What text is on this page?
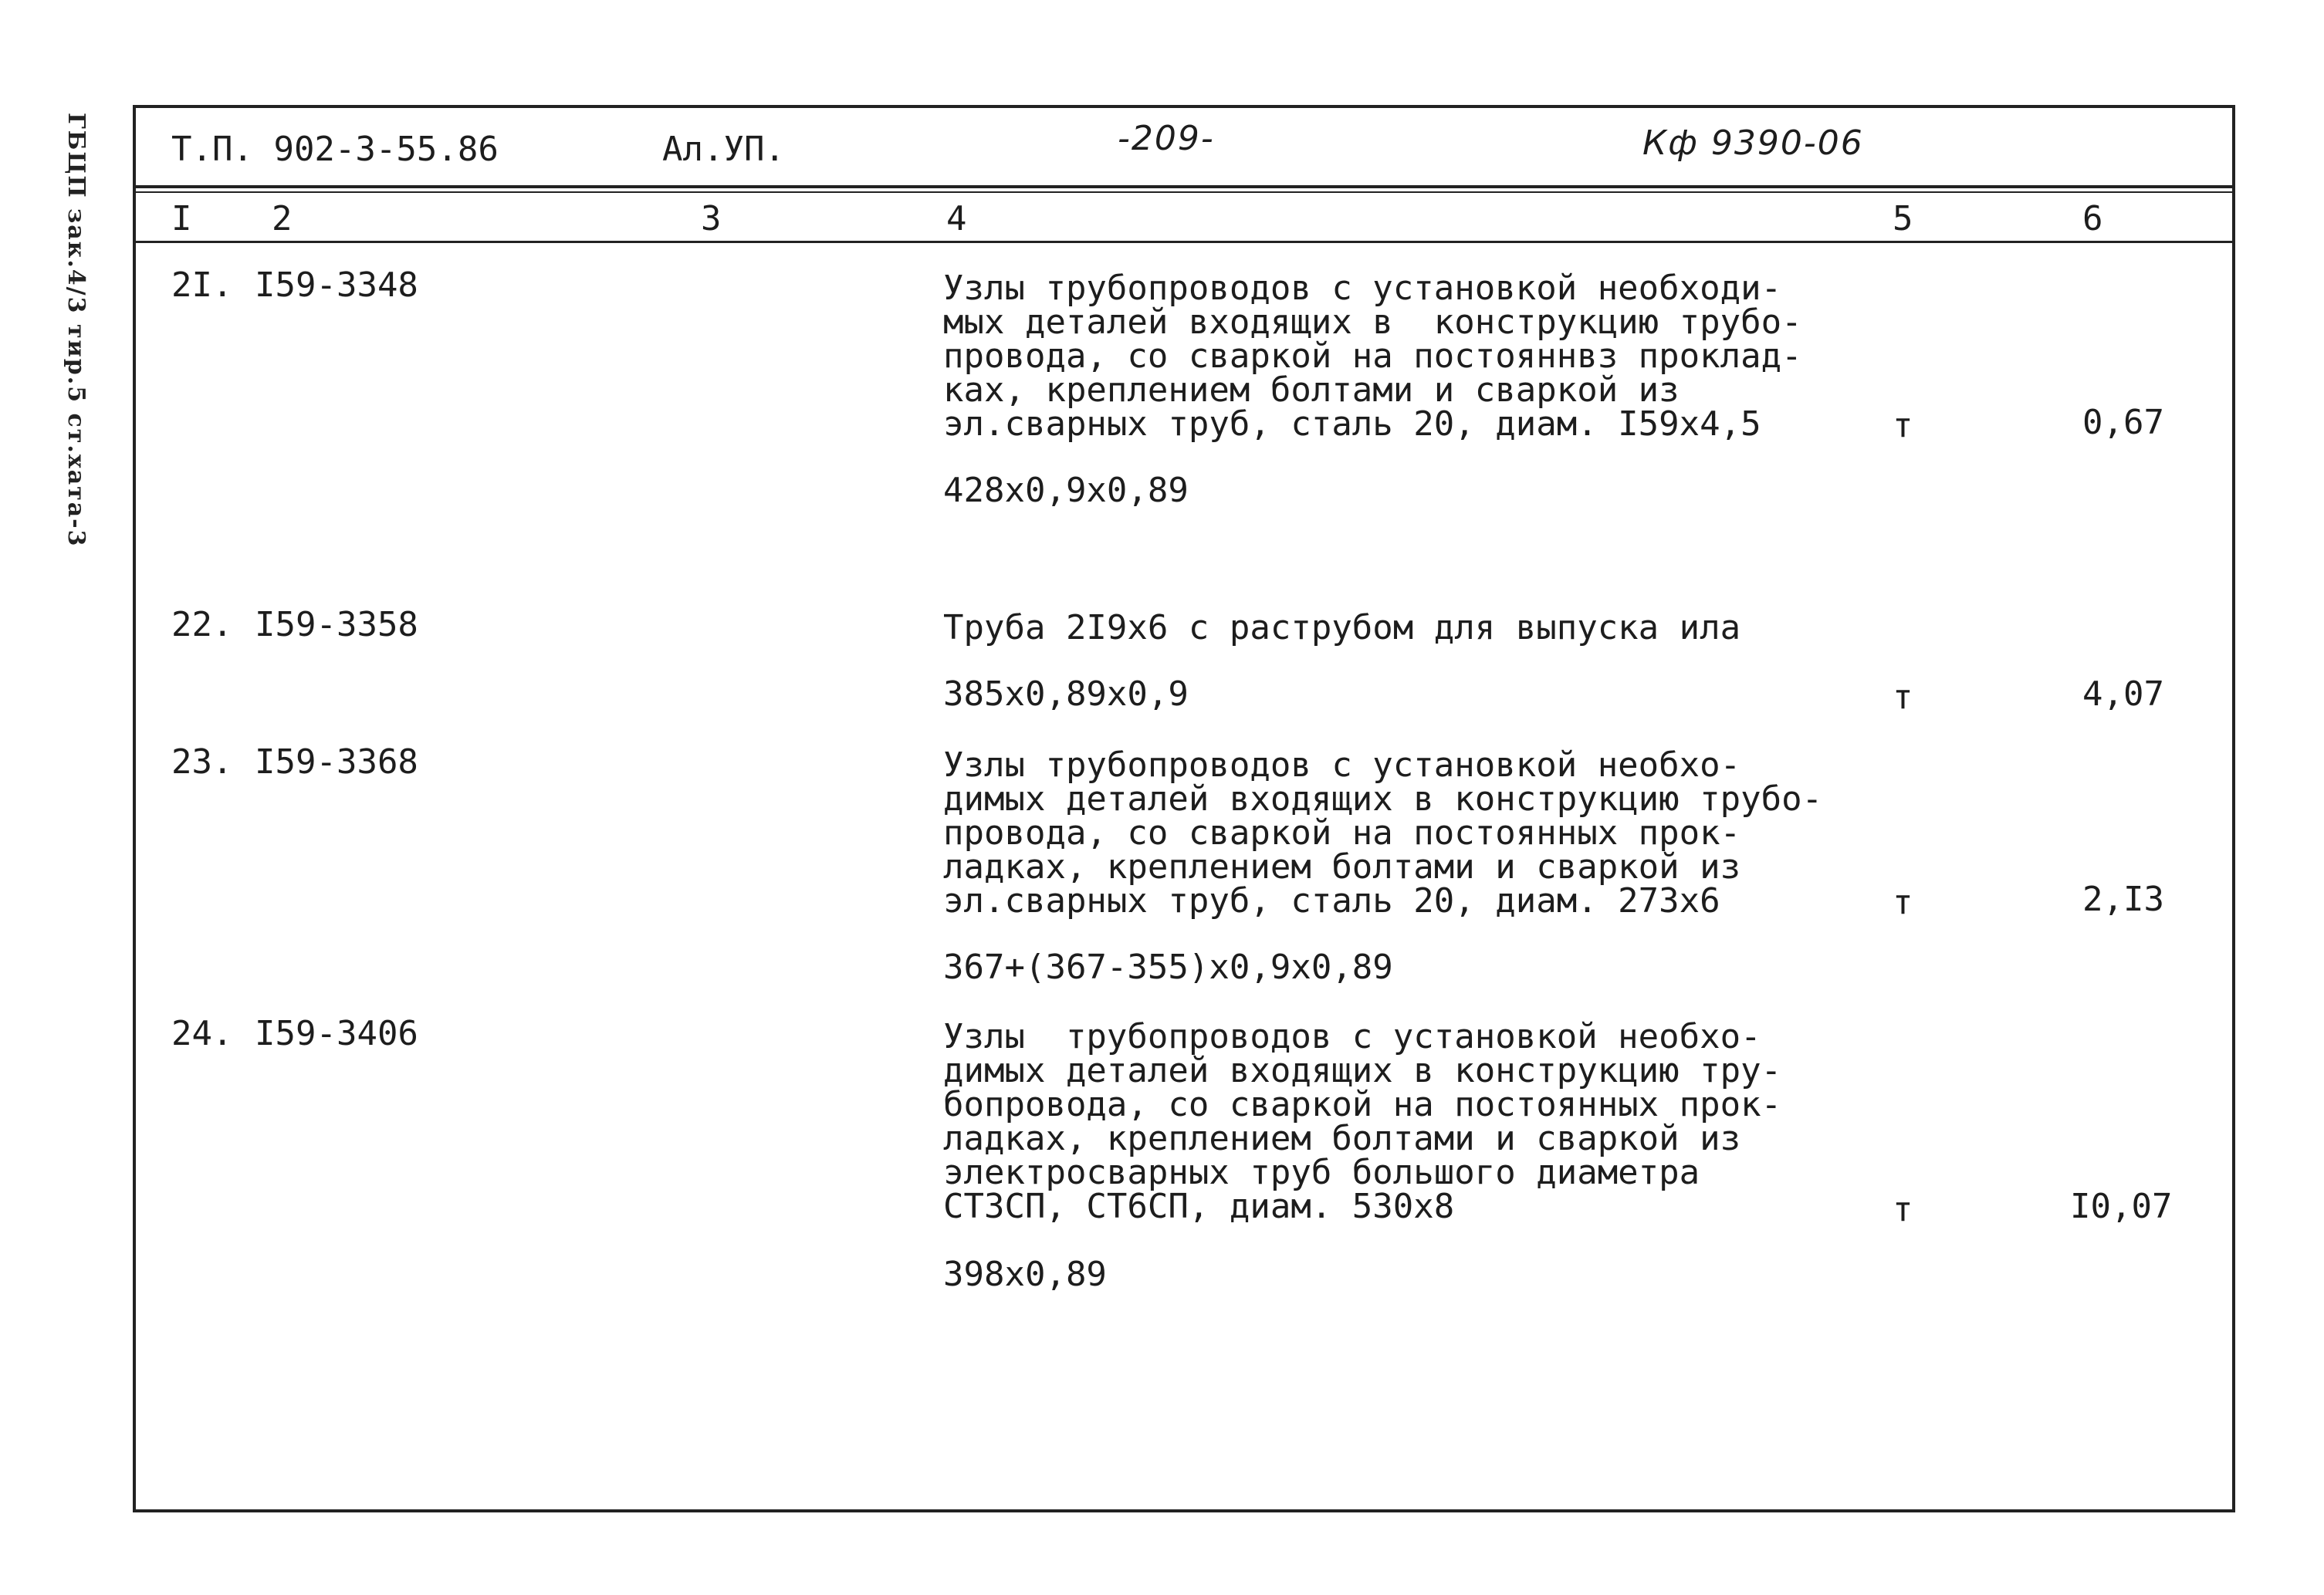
ГБЦП зак.4/3 тир.5 ст.хата-3 Т.П. 902-3-55.86	Ал.УП.	-209-	Кф 9390-06
I 2	3	4	5	6
2I. I59-3348	Узлы трубопроводов с установкой необходи-
мых деталей входящих в  конструкцию трубо-
провода, со сваркой на постояннвз проклад-
ках, креплением болтами и сваркой из
эл.сварных труб, сталь 20, диам. I59x4,5	т	0,67
428x0,9x0,89
22. I59-3358	Труба 2I9x6 с раструбом для выпуска ила
385x0,89x0,9	т	4,07
23. I59-3368	Узлы трубопроводов с установкой необхо-
димых деталей входящих в конструкцию трубо-
провода, со сваркой на постоянных прок-
ладках, креплением болтами и сваркой из
эл.сварных труб, сталь 20, диам. 273x6	т	2,I3
367+(367-355)x0,9x0,89
24. I59-3406	Узлы  трубопроводов с установкой необхо-
димых деталей входящих в конструкцию тру-
бопровода, со сваркой на постоянных прок-
ладках, креплением болтами и сваркой из
электросварных труб большого диаметра
СТ3СП, СТ6СП, диам. 530x8	т	I0,07
398x0,89
